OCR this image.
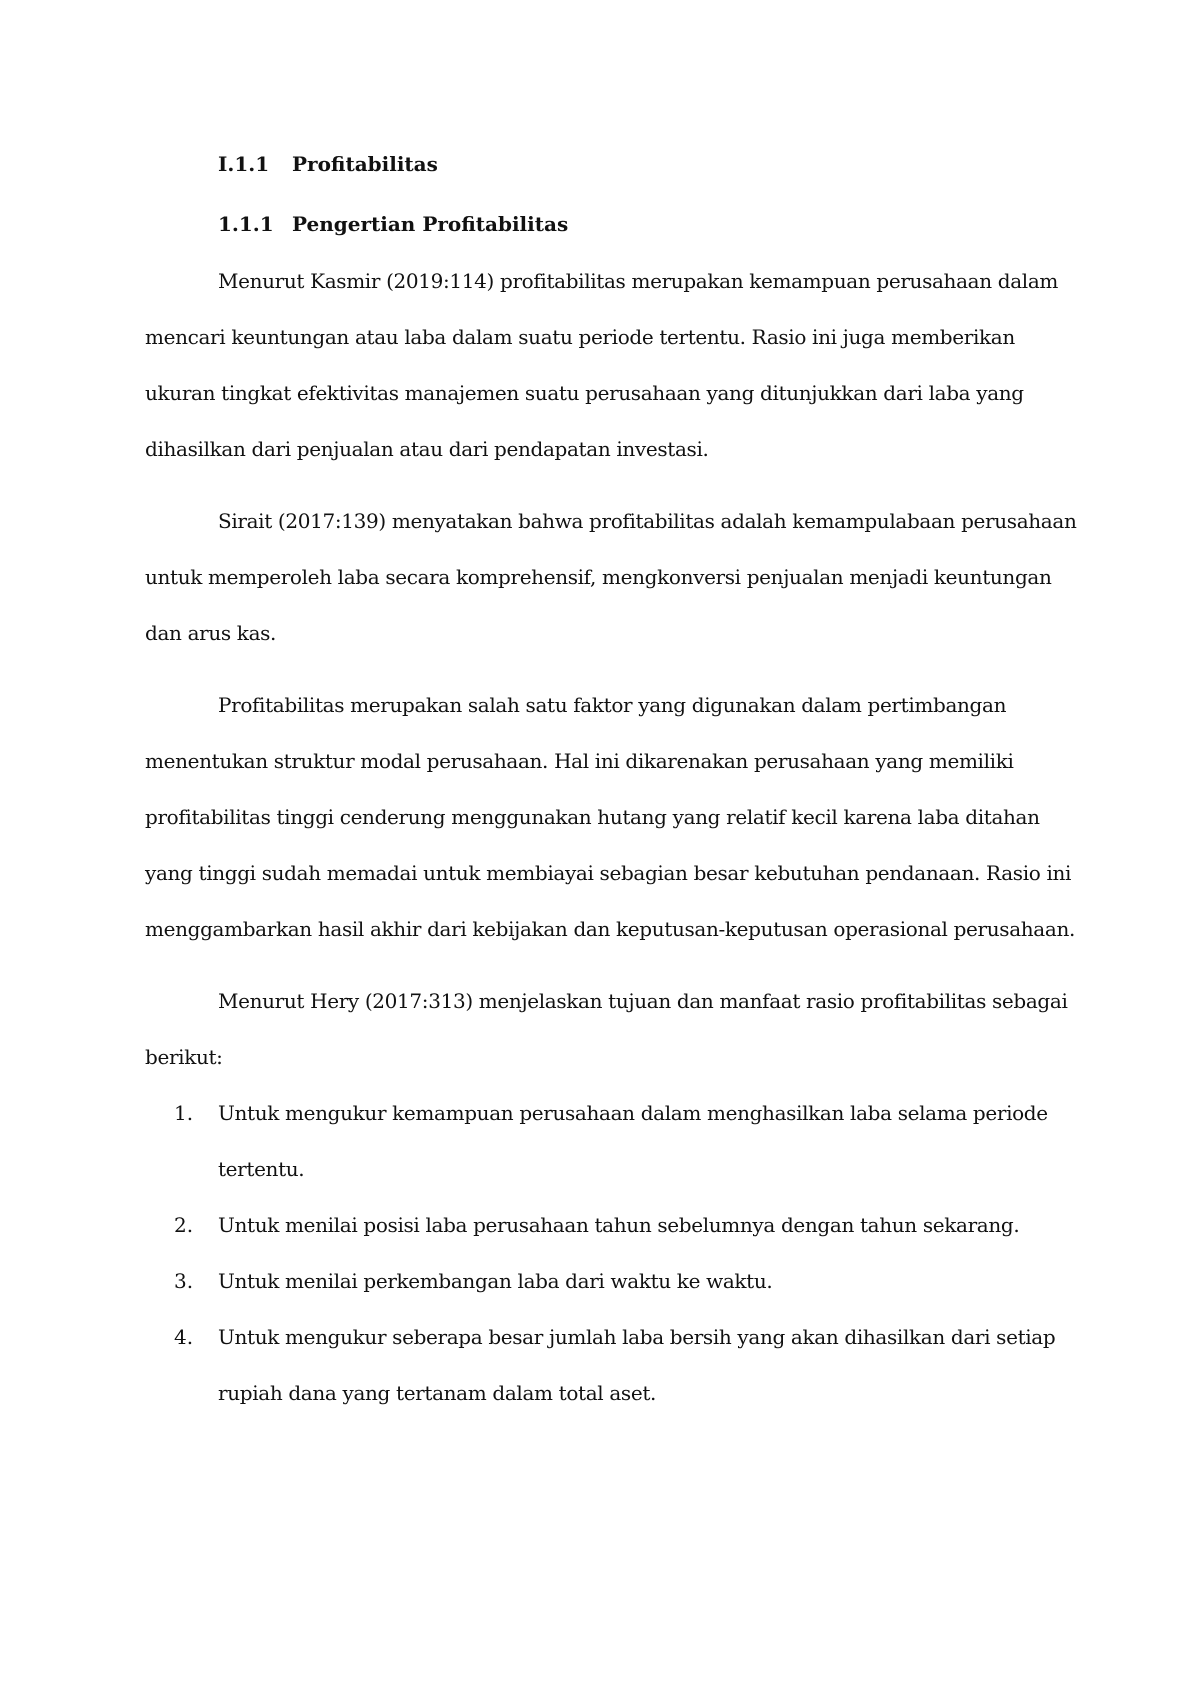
I.1.1 Profitabilitas
1.1.1 Pengertian Profitabilitas
Menurut Kasmir (2019:114) profitabilitas merupakan kemampuan perusahaan dalam
mencari keuntungan atau laba dalam suatu periode tertentu. Rasio ini juga memberikan
ukuran tingkat efektivitas manajemen suatu perusahaan yang ditunjukkan dari laba yang
dihasilkan dari penjualan atau dari pendapatan investasi.
Sirait (2017:139) menyatakan bahwa profitabilitas adalah kemampulabaan perusahaan
untuk memperoleh laba secara komprehensif, mengkonversi penjualan menjadi keuntungan
dan arus kas.
Profitabilitas merupakan salah satu faktor yang digunakan dalam pertimbangan
menentukan struktur modal perusahaan. Hal ini dikarenakan perusahaan yang memiliki
profitabilitas tinggi cenderung menggunakan hutang yang relatif kecil karena laba ditahan
yang tinggi sudah memadai untuk membiayai sebagian besar kebutuhan pendanaan. Rasio ini
menggambarkan hasil akhir dari kebijakan dan keputusan-keputusan operasional perusahaan.
Menurut Hery (2017:313) menjelaskan tujuan dan manfaat rasio profitabilitas sebagai
berikut:
1. Untuk mengukur kemampuan perusahaan dalam menghasilkan laba selama periode
tertentu.
2. Untuk menilai posisi laba perusahaan tahun sebelumnya dengan tahun sekarang.
3. Untuk menilai perkembangan laba dari waktu ke waktu.
4. Untuk mengukur seberapa besar jumlah laba bersih yang akan dihasilkan dari setiap
rupiah dana yang tertanam dalam total aset.
